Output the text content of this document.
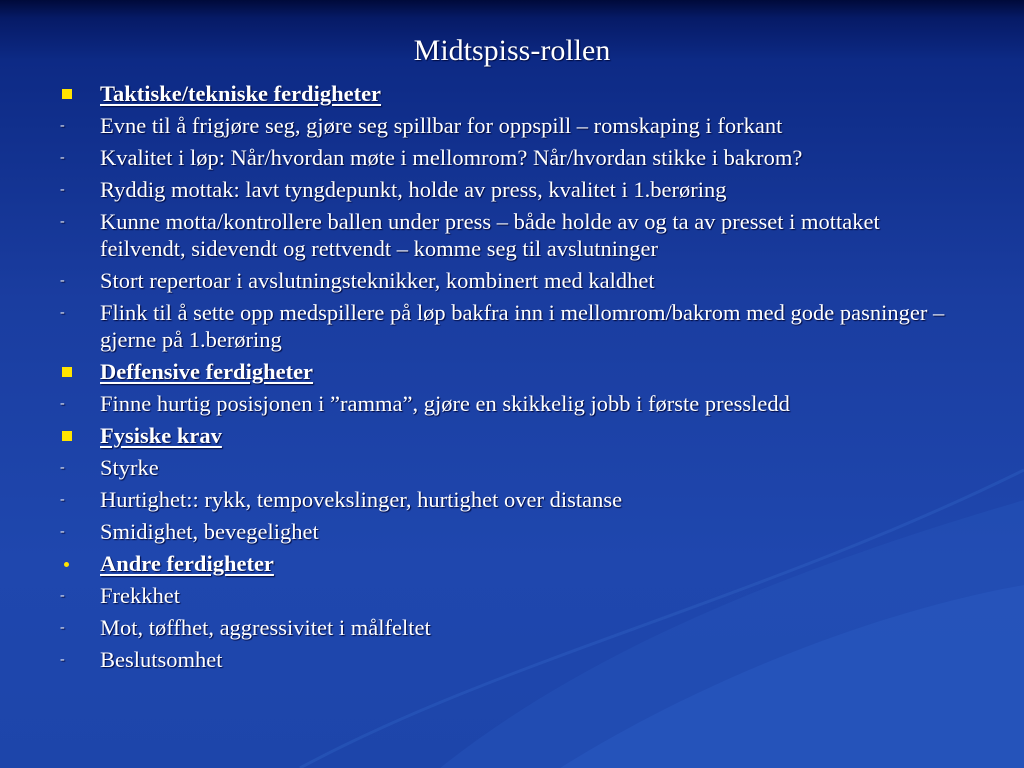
Midtspiss-rollen
Taktiske/tekniske ferdigheter
-	Evne til å frigjøre seg, gjøre seg spillbar for oppspill – romskaping i forkant
-	Kvalitet i løp: Når/hvordan møte i mellomrom? Når/hvordan stikke i bakrom?
-	Ryddig mottak: lavt tyngdepunkt, holde av press, kvalitet i 1.berøring
-	Kunne motta/kontrollere ballen under press – både holde av og ta av presset i mottaket feilvendt, sidevendt og rettvendt – komme seg til avslutninger
-	Stort repertoar i avslutningsteknikker, kombinert med kaldhet
-	Flink til å sette opp medspillere på løp bakfra inn i mellomrom/bakrom med gode pasninger – gjerne på 1.berøring
Deffensive ferdigheter
-	Finne hurtig posisjonen i ”ramma”, gjøre en skikkelig jobb i første pressledd
Fysiske krav
-	Styrke
-	Hurtighet:: rykk, tempovekslinger, hurtighet over distanse
-	Smidighet, bevegelighet
Andre ferdigheter
-	Frekkhet
-	Mot, tøffhet, aggressivitet i målfeltet
-	Beslutsomhet
